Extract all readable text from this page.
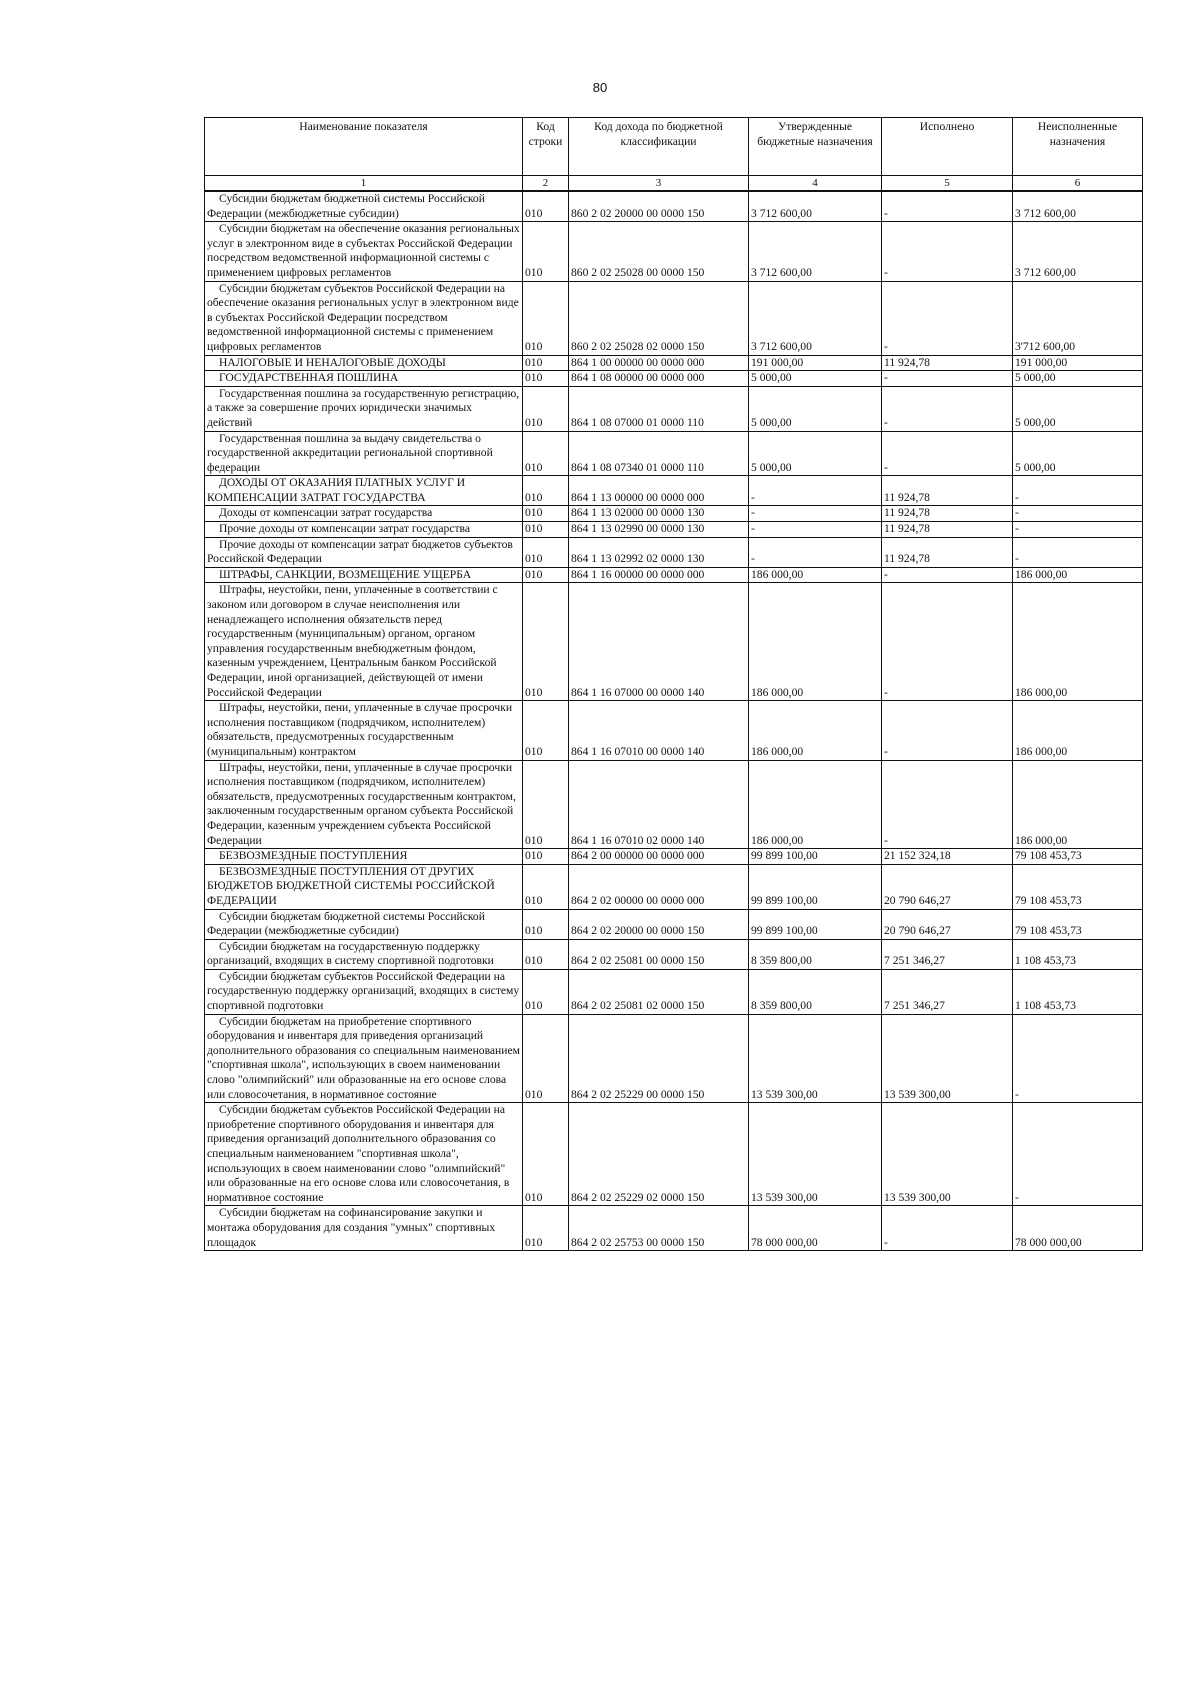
80
Наименование показателя	Код строки	Код дохода по бюджетной классификации	Утвержденные бюджетные назначения	Исполнено	Неисполненные назначения
1	2	3	4	5	6
Субсидии бюджетам бюджетной системы Российской Федерации (межбюджетные субсидии)	010	860 2 02 20000 00 0000 150	3 712 600,00	-	3 712 600,00
Субсидии бюджетам на обеспечение оказания региональных услуг в электронном виде в субъектах Российской Федерации посредством ведомственной информационной системы с применением цифровых регламентов	010	860 2 02 25028 00 0000 150	3 712 600,00	-	3 712 600,00
Субсидии бюджетам субъектов Российской Федерации на обеспечение оказания региональных услуг в электронном виде в субъектах Российской Федерации посредством ведомственной информационной системы с применением цифровых регламентов	010	860 2 02 25028 02 0000 150	3 712 600,00	-	3'712 600,00
НАЛОГОВЫЕ И НЕНАЛОГОВЫЕ ДОХОДЫ	010	864 1 00 00000 00 0000 000	191 000,00	11 924,78	191 000,00
ГОСУДАРСТВЕННАЯ ПОШЛИНА	010	864 1 08 00000 00 0000 000	5 000,00	-	5 000,00
Государственная пошлина за государственную регистрацию, а также за совершение прочих юридически значимых действий	010	864 1 08 07000 01 0000 110	5 000,00	-	5 000,00
Государственная пошлина за выдачу свидетельства о государственной аккредитации региональной спортивной федерации	010	864 1 08 07340 01 0000 110	5 000,00	-	5 000,00
ДОХОДЫ ОТ ОКАЗАНИЯ ПЛАТНЫХ УСЛУГ И КОМПЕНСАЦИИ ЗАТРАТ ГОСУДАРСТВА	010	864 1 13 00000 00 0000 000	-	11 924,78	-
Доходы от компенсации затрат государства	010	864 1 13 02000 00 0000 130	-	11 924,78	-
Прочие доходы от компенсации затрат государства	010	864 1 13 02990 00 0000 130	-	11 924,78	-
Прочие доходы от компенсации затрат бюджетов субъектов Российской Федерации	010	864 1 13 02992 02 0000 130	-	11 924,78	-
ШТРАФЫ, САНКЦИИ, ВОЗМЕЩЕНИЕ УЩЕРБА	010	864 1 16 00000 00 0000 000	186 000,00	-	186 000,00
Штрафы, неустойки, пени, уплаченные в соответствии с законом или договором в случае неисполнения или ненадлежащего исполнения обязательств перед государственным (муниципальным) органом, органом управления государственным внебюджетным фондом, казенным учреждением, Центральным банком Российской Федерации, иной организацией, действующей от имени Российской Федерации	010	864 1 16 07000 00 0000 140	186 000,00	-	186 000,00
Штрафы, неустойки, пени, уплаченные в случае просрочки исполнения поставщиком (подрядчиком, исполнителем) обязательств, предусмотренных государственным (муниципальным) контрактом	010	864 1 16 07010 00 0000 140	186 000,00	-	186 000,00
Штрафы, неустойки, пени, уплаченные в случае просрочки исполнения поставщиком (подрядчиком, исполнителем) обязательств, предусмотренных государственным контрактом, заключенным государственным органом субъекта Российской Федерации, казенным учреждением субъекта Российской Федерации	010	864 1 16 07010 02 0000 140	186 000,00	-	186 000,00
БЕЗВОЗМЕЗДНЫЕ ПОСТУПЛЕНИЯ	010	864 2 00 00000 00 0000 000	99 899 100,00	21 152 324,18	79 108 453,73
БЕЗВОЗМЕЗДНЫЕ ПОСТУПЛЕНИЯ ОТ ДРУГИХ БЮДЖЕТОВ БЮДЖЕТНОЙ СИСТЕМЫ РОССИЙСКОЙ ФЕДЕРАЦИИ	010	864 2 02 00000 00 0000 000	99 899 100,00	20 790 646,27	79 108 453,73
Субсидии бюджетам бюджетной системы Российской Федерации (межбюджетные субсидии)	010	864 2 02 20000 00 0000 150	99 899 100,00	20 790 646,27	79 108 453,73
Субсидии бюджетам на государственную поддержку организаций, входящих в систему спортивной подготовки	010	864 2 02 25081 00 0000 150	8 359 800,00	7 251 346,27	1 108 453,73
Субсидии бюджетам субъектов Российской Федерации на государственную поддержку организаций, входящих в систему спортивной подготовки	010	864 2 02 25081 02 0000 150	8 359 800,00	7 251 346,27	1 108 453,73
Субсидии бюджетам на приобретение спортивного оборудования и инвентаря для приведения организаций дополнительного образования со специальным наименованием "спортивная школа", использующих в своем наименовании слово "олимпийский" или образованные на его основе слова или словосочетания, в нормативное состояние	010	864 2 02 25229 00 0000 150	13 539 300,00	13 539 300,00	-
Субсидии бюджетам субъектов Российской Федерации на приобретение спортивного оборудования и инвентаря для приведения организаций дополнительного образования со специальным наименованием "спортивная школа", использующих в своем наименовании слово "олимпийский" или образованные на его основе слова или словосочетания, в нормативное состояние	010	864 2 02 25229 02 0000 150	13 539 300,00	13 539 300,00	-
Субсидии бюджетам на софинансирование закупки и монтажа оборудования для создания "умных" спортивных площадок	010	864 2 02 25753 00 0000 150	78 000 000,00	-	78 000 000,00
